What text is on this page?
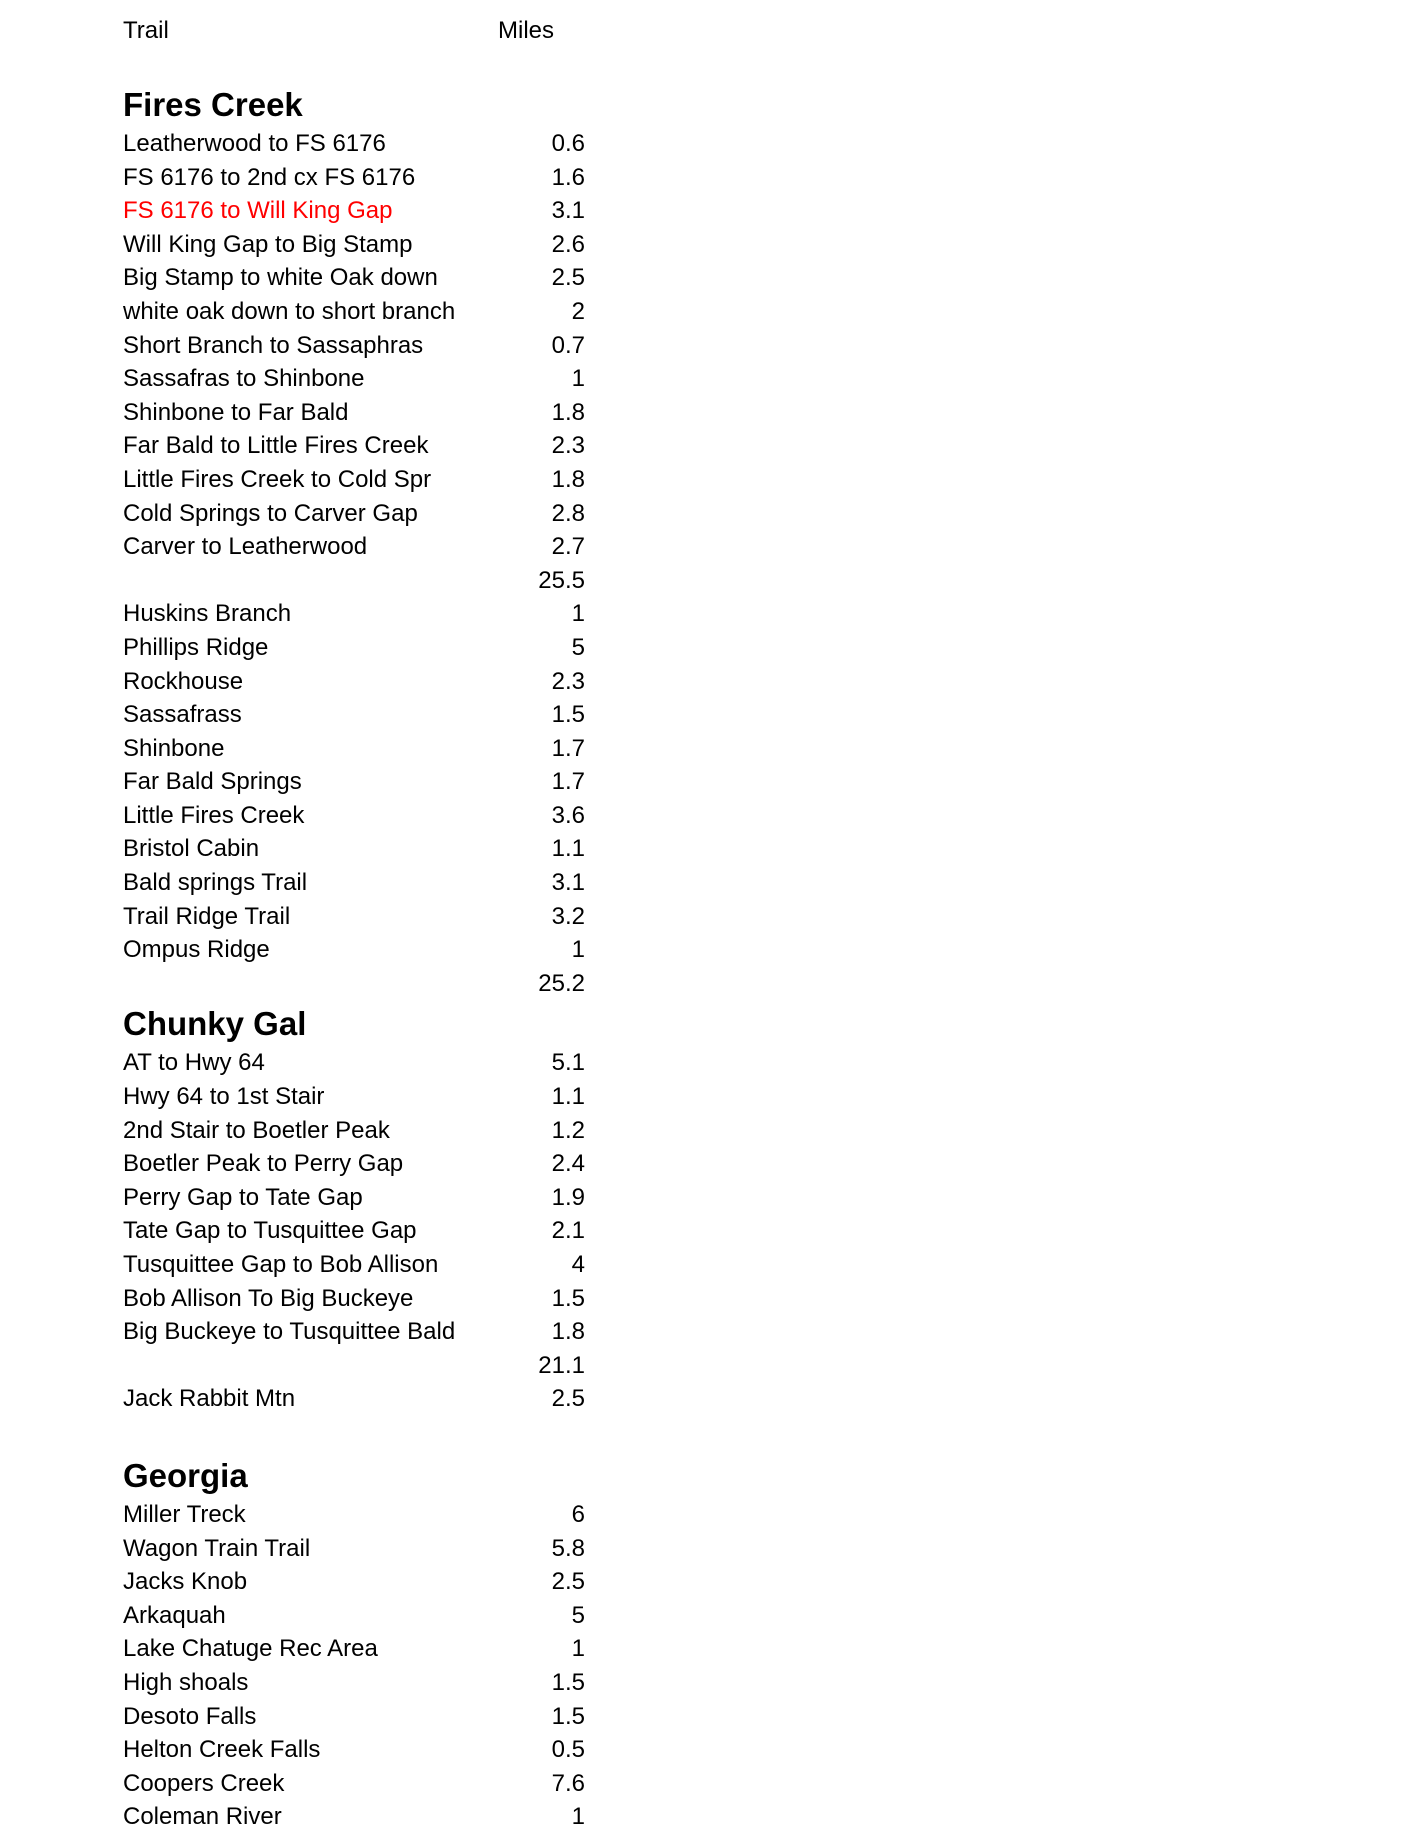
Trail	Miles
Fires Creek
Leatherwood to FS 6176	0.6
FS 6176 to 2nd cx FS 6176	1.6
FS 6176 to Will King Gap	3.1
Will King Gap to Big Stamp	2.6
Big Stamp to white Oak down	2.5
white oak down to short branch	2
Short Branch to Sassaphras	0.7
Sassafras to Shinbone	1
Shinbone to Far Bald	1.8
Far Bald to Little Fires Creek	2.3
Little Fires Creek to Cold Spr	1.8
Cold Springs to Carver Gap	2.8
Carver to Leatherwood	2.7
25.5
Huskins Branch	1
Phillips Ridge	5
Rockhouse	2.3
Sassafrass	1.5
Shinbone	1.7
Far Bald Springs	1.7
Little Fires Creek	3.6
Bristol Cabin	1.1
Bald springs Trail	3.1
Trail Ridge Trail	3.2
Ompus Ridge	1
25.2
Chunky Gal
AT to Hwy 64	5.1
Hwy 64 to 1st Stair	1.1
2nd Stair to Boetler Peak	1.2
Boetler Peak to Perry Gap	2.4
Perry Gap to Tate Gap	1.9
Tate Gap to Tusquittee Gap	2.1
Tusquittee Gap to Bob Allison	4
Bob Allison To Big Buckeye	1.5
Big Buckeye to Tusquittee Bald	1.8
21.1
Jack Rabbit Mtn	2.5
Georgia
Miller Treck	6
Wagon Train Trail	5.8
Jacks Knob	2.5
Arkaquah	5
Lake Chatuge Rec Area	1
High shoals	1.5
Desoto Falls	1.5
Helton Creek Falls	0.5
Coopers Creek	7.6
Coleman River	1
